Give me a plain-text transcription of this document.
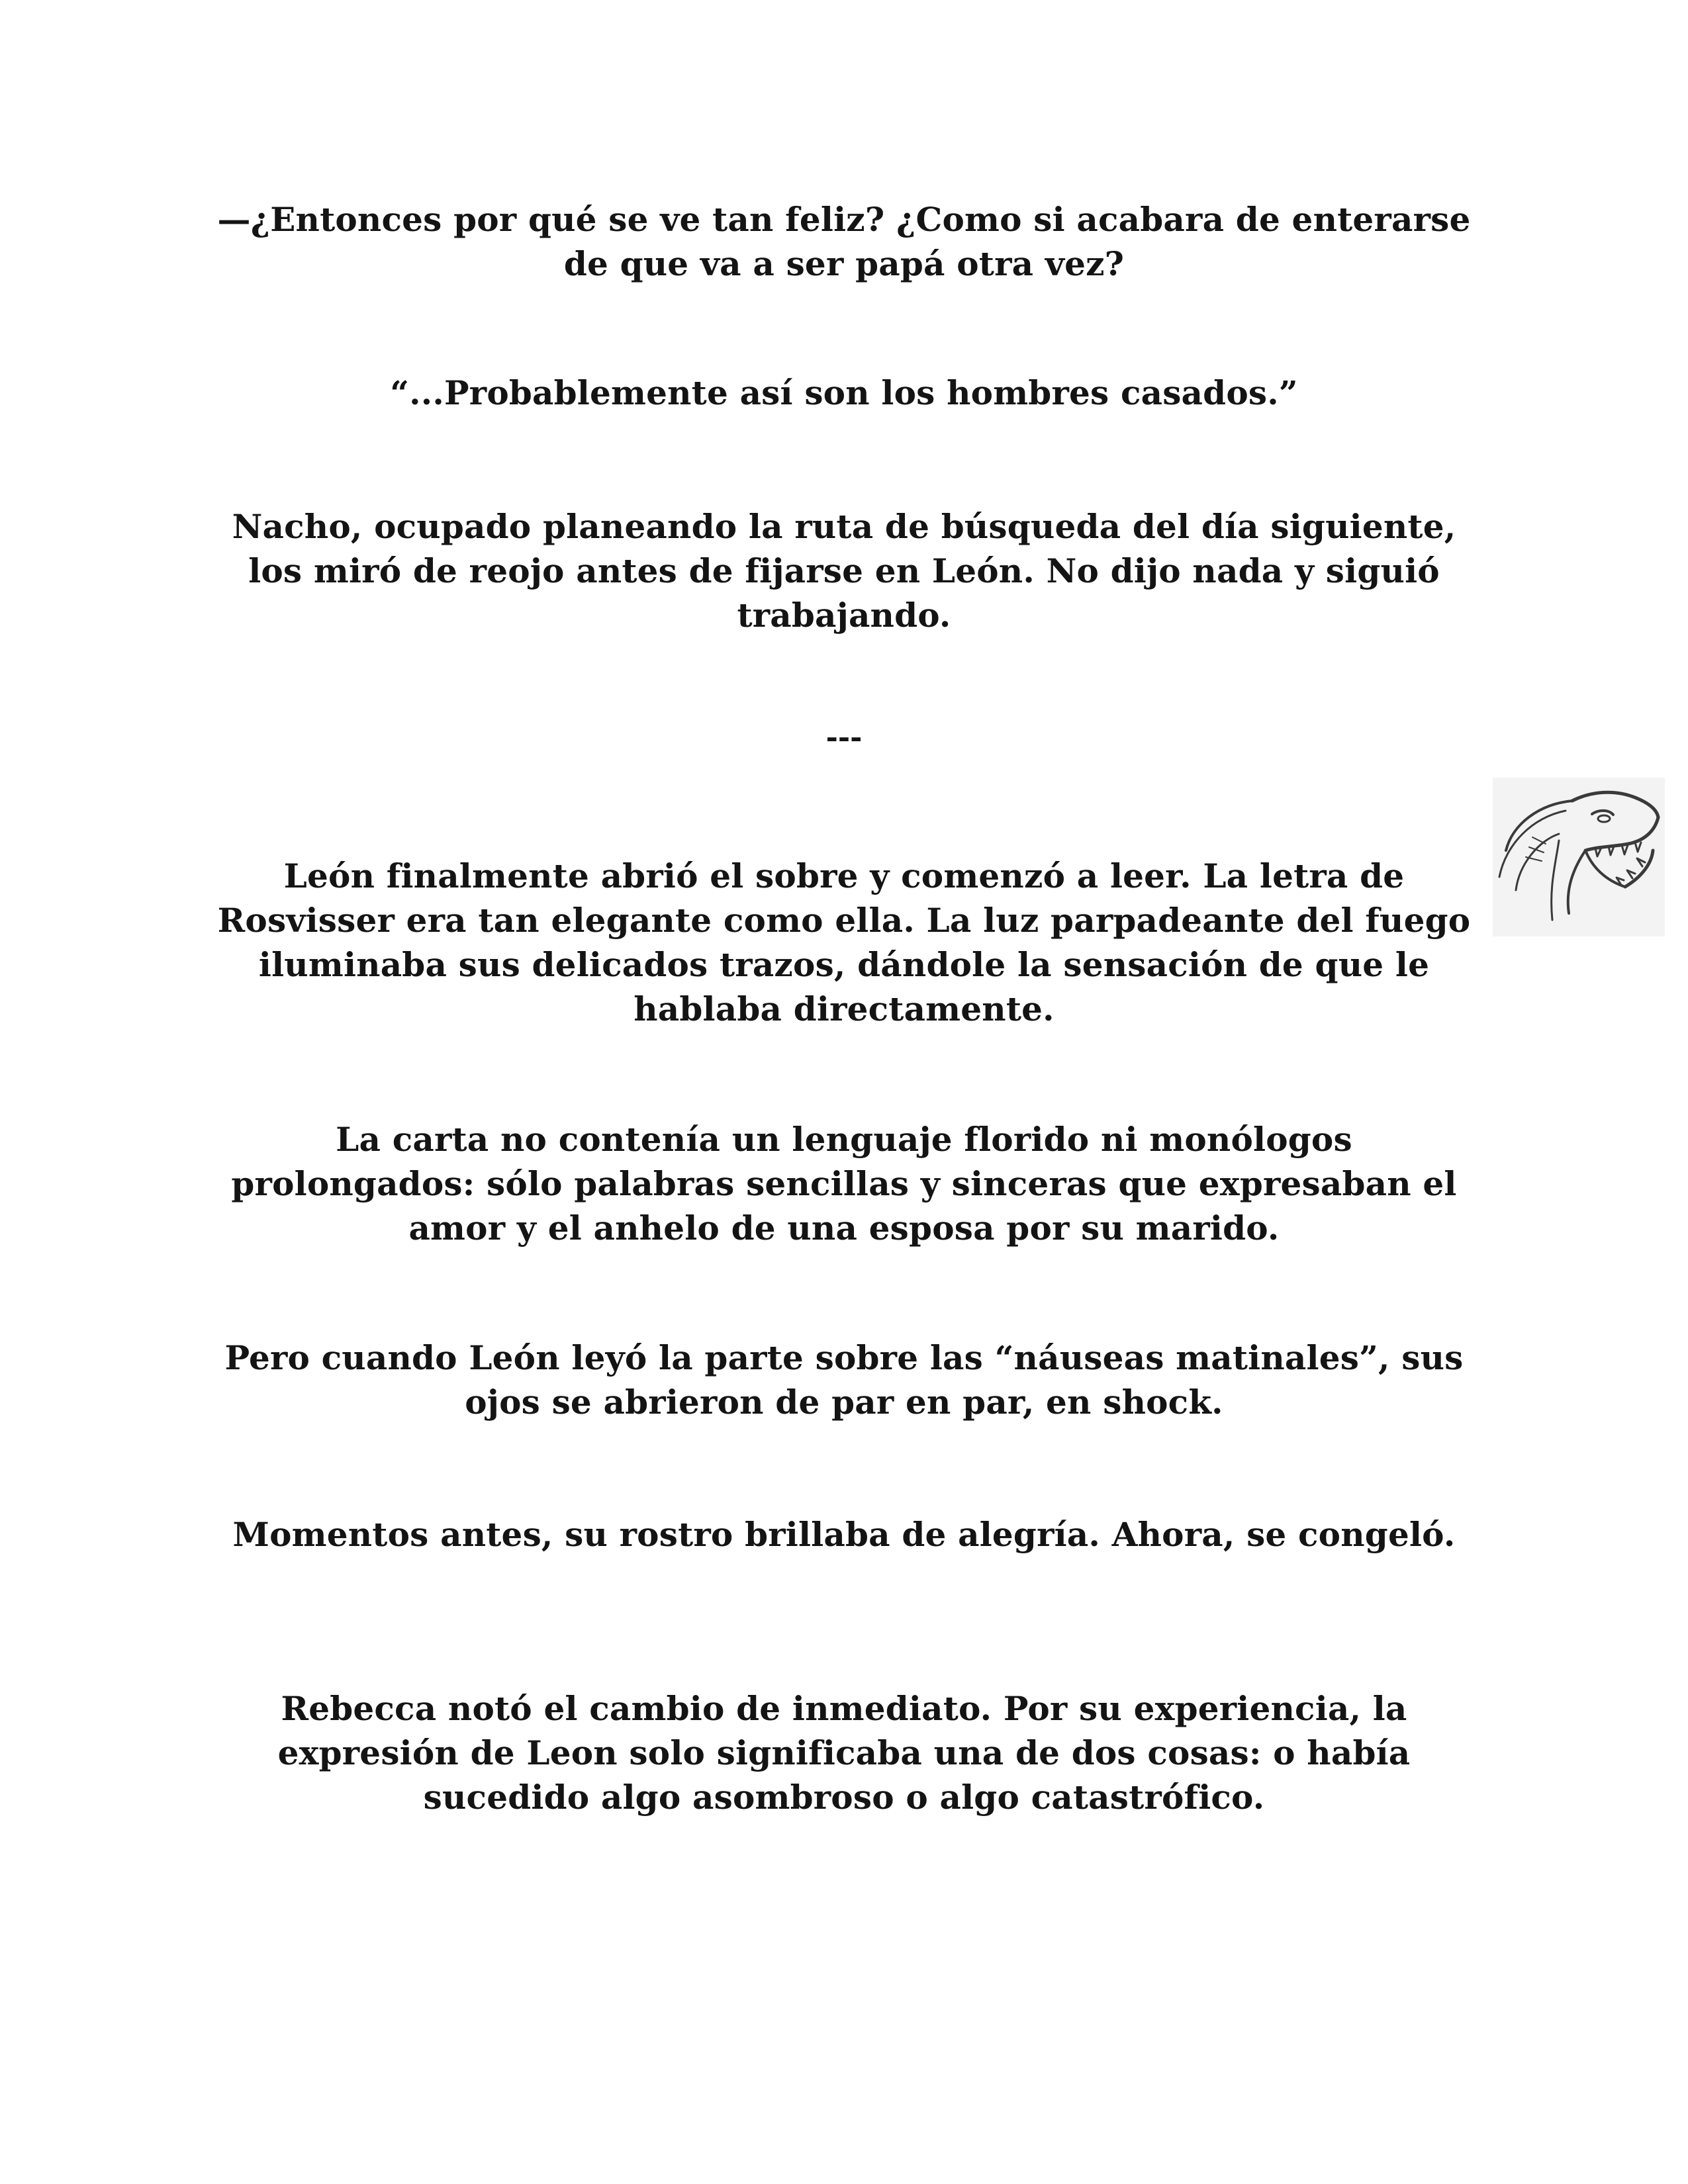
—¿Entonces por qué se ve tan feliz? ¿Como si acabara de enterarse de que va a ser papá otra vez?

“...Probablemente así son los hombres casados.”

Nacho, ocupado planeando la ruta de búsqueda del día siguiente, los miró de reojo antes de fijarse en León. No dijo nada y siguió trabajando.

---

León finalmente abrió el sobre y comenzó a leer. La letra de Rosvisser era tan elegante como ella. La luz parpadeante del fuego iluminaba sus delicados trazos, dándole la sensación de que le hablaba directamente.

La carta no contenía un lenguaje florido ni monólogos prolongados: sólo palabras sencillas y sinceras que expresaban el amor y el anhelo de una esposa por su marido.

Pero cuando León leyó la parte sobre las “náuseas matinales”, sus ojos se abrieron de par en par, en shock.

Momentos antes, su rostro brillaba de alegría. Ahora, se congeló.

Rebecca notó el cambio de inmediato. Por su experiencia, la expresión de Leon solo significaba una de dos cosas: o había sucedido algo asombroso o algo catastrófico.
